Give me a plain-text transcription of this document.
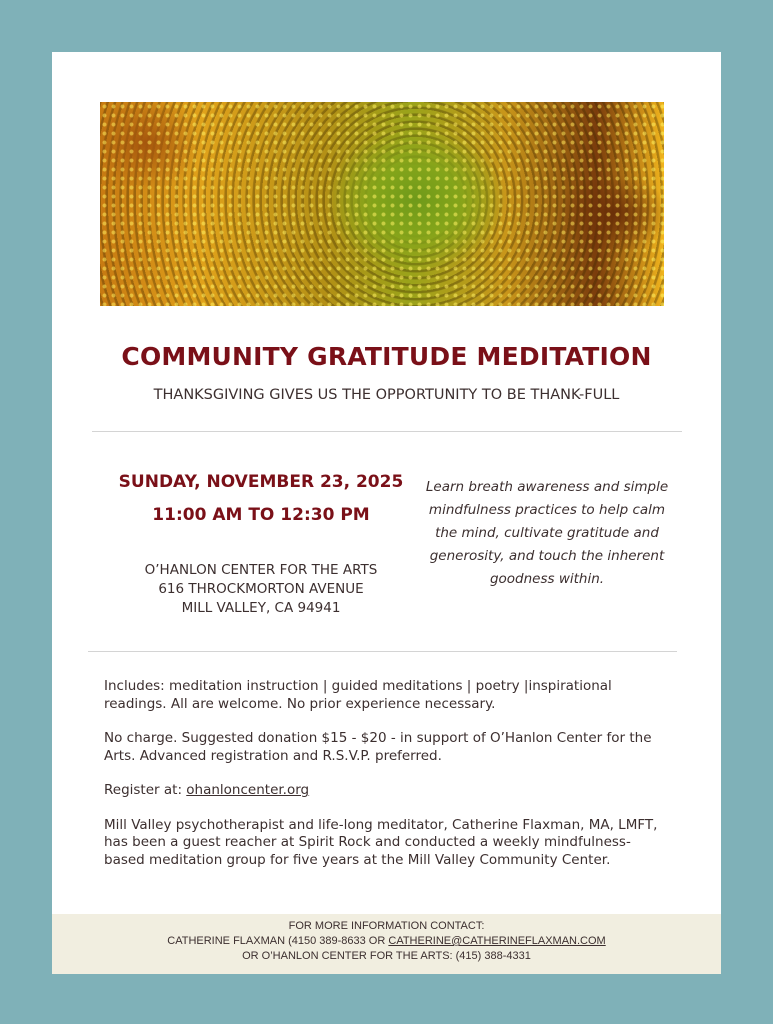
COMMUNITY GRATITUDE MEDITATION
THANKSGIVING GIVES US THE OPPORTUNITY TO BE THANK-FULL
SUNDAY, NOVEMBER 23, 2025
11:00 AM TO 12:30 PM
O’HANLON CENTER FOR THE ARTS
616 THROCKMORTON AVENUE
MILL VALLEY, CA 94941
Learn breath awareness and simple mindfulness practices to help calm the mind, cultivate gratitude and generosity, and touch the inherent goodness within.

Includes: meditation instruction | guided meditations | poetry |inspirational readings. All are welcome. No prior experience necessary.

No charge. Suggested donation $15 - $20 - in support of O’Hanlon Center for the Arts. Advanced registration and R.S.V.P. preferred.

Register at: ohanloncenter.org

Mill Valley psychotherapist and life-long meditator, Catherine Flaxman, MA, LMFT, has been a guest reacher at Spirit Rock and conducted a weekly mindfulness-based meditation group for five years at the Mill Valley Community Center.

FOR MORE INFORMATION CONTACT:
CATHERINE FLAXMAN (4150 389-8633 OR CATHERINE@CATHERINEFLAXMAN.COM
OR O’HANLON CENTER FOR THE ARTS: (415) 388-4331
